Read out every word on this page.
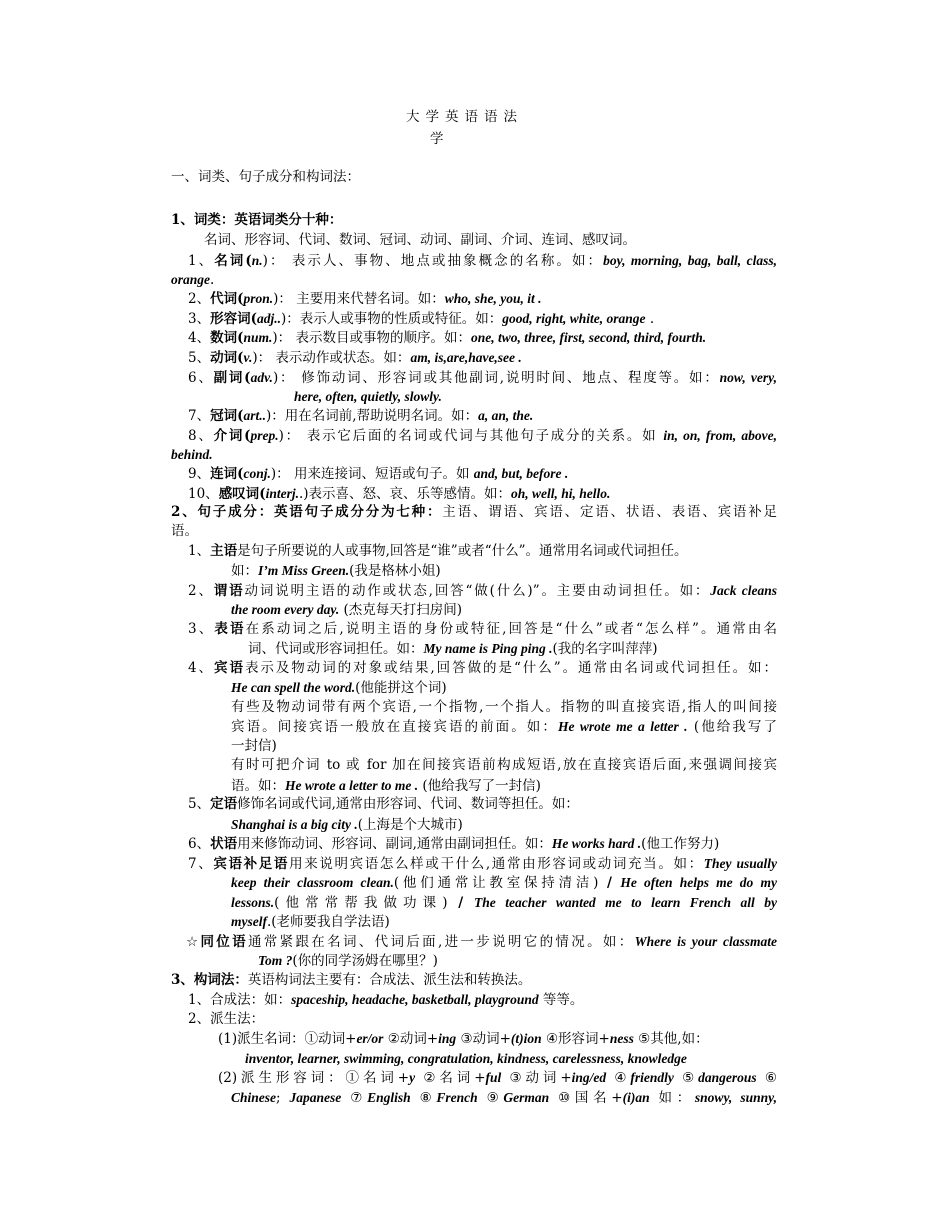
大学英语语法
学
一、词类、句子成分和构词法：
1、词类：英语词类分十种：
名词、形容词、代词、数词、冠词、动词、副词、介词、连词、感叹词。
1、名词(n.)： 表示人、事物、地点或抽象概念的名称。如：boy, morning, bag, ball, class,
orange.
2、代词(pron.)： 主要用来代替名词。如：who, she, you, it .
3、形容词(adj..)：表示人或事物的性质或特征。如：good, right, white, orange .
4、数词(num.)： 表示数目或事物的顺序。如：one, two, three, first, second, third, fourth.
5、动词(v.)： 表示动作或状态。如：am, is,are,have,see .
6、副词(adv.)： 修饰动词、形容词或其他副词,说明时间、地点、程度等。如：now, very,
here, often, quietly, slowly.
7、冠词(art..)：用在名词前,帮助说明名词。如：a, an, the.
8、介词(prep.)： 表示它后面的名词或代词与其他句子成分的关系。如 in, on, from, above,
behind.
9、连词(conj.)： 用来连接词、短语或句子。如 and, but, before .
10、感叹词(interj..)表示喜、怒、哀、乐等感情。如：oh, well, hi, hello.
2、句子成分：英语句子成分分为七种：主语、谓语、宾语、定语、状语、表语、宾语补足
语。
1、主语是句子所要说的人或事物,回答是“谁”或者“什么”。通常用名词或代词担任。
如：I’m Miss Green.(我是格林小姐)
2、谓语动词说明主语的动作或状态,回答“做(什么)”。主要由动词担任。如：Jack cleans
the room every day. (杰克每天打扫房间)
3、表语在系动词之后,说明主语的身份或特征,回答是“什么”或者“怎么样”。通常由名
词、代词或形容词担任。如：My name is Ping ping .(我的名字叫萍萍)
4、宾语表示及物动词的对象或结果,回答做的是“什么”。通常由名词或代词担任。如：
He can spell the word.(他能拼这个词)
有些及物动词带有两个宾语,一个指物,一个指人。指物的叫直接宾语,指人的叫间接
宾语。间接宾语一般放在直接宾语的前面。如：He wrote me a letter . (他给我写了
一封信)
有时可把介词 to 或 for 加在间接宾语前构成短语,放在直接宾语后面,来强调间接宾
语。如：He wrote a letter to me . (他给我写了一封信)
5、定语修饰名词或代词,通常由形容词、代词、数词等担任。如：
Shanghai is a big city .(上海是个大城市)
6、状语用来修饰动词、形容词、副词,通常由副词担任。如：He works hard .(他工作努力)
7、宾语补足语用来说明宾语怎么样或干什么,通常由形容词或动词充当。如：They usually
keep their classroom clean.(他们通常让教室保持清洁) / He often helps me do my
lessons.(他常常帮我做功课) / The teacher wanted me to learn French all by
myself.(老师要我自学法语)
☆同位语通常紧跟在名词、代词后面,进一步说明它的情况。如：Where is your classmate
Tom ?(你的同学汤姆在哪里？)
3、构词法：英语构词法主要有：合成法、派生法和转换法。
1、合成法：如：spaceship, headache, basketball, playground 等等。
2、派生法：
(1)派生名词：①动词+er/or ②动词+ing ③动词+(t)ion ④形容词+ness ⑤其他,如：
inventor, learner, swimming, congratulation, kindness, carelessness, knowledge
(2)派生形容词：①名词+y ②名词+ful ③动词+ing/ed ④friendly ⑤dangerous ⑥
Chinese; Japanese ⑦English ⑧French ⑨German ⑩国名+(i)an 如：snowy, sunny,
